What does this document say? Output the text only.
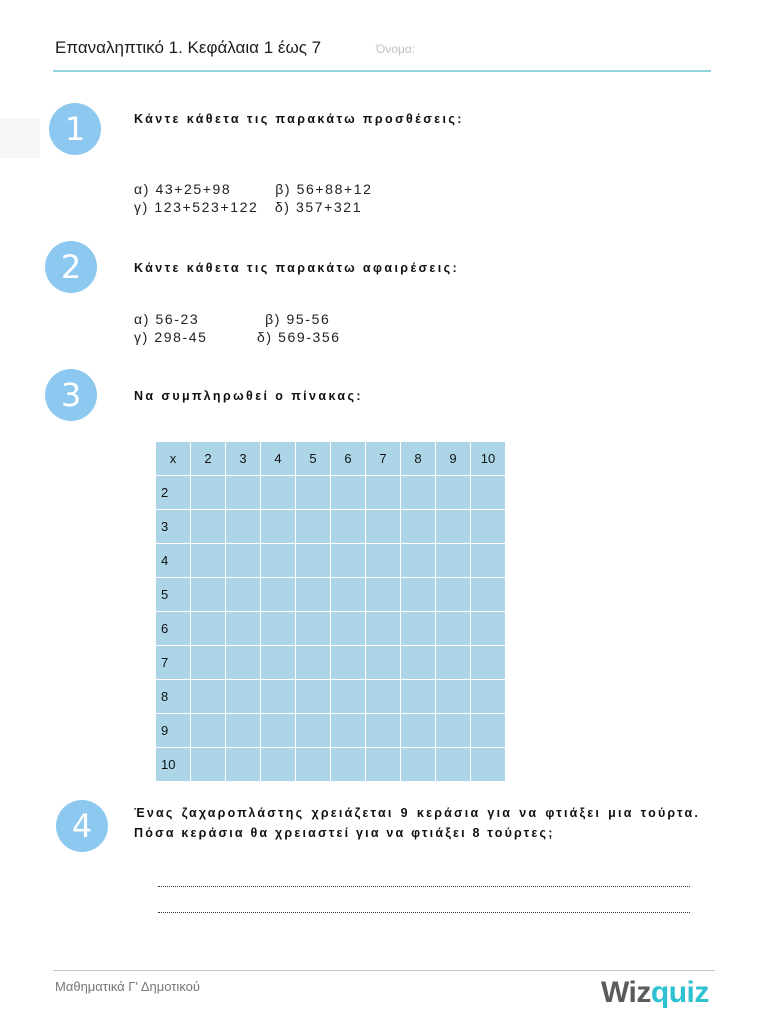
Επαναληπτικό 1. Κεφάλαια 1 έως 7	Όνομα:
1	Κάντε κάθετα τις παρακάτω προσθέσεις:
α) 43+25+98        β) 56+88+12
γ) 123+523+122   δ) 357+321
2	Κάντε κάθετα τις παρακάτω αφαιρέσεις:
α) 56-23            β) 95-56
γ) 298-45         δ) 569-356
3	Να συμπληρωθεί ο πίνακας:
x	2	3	4	5	6	7	8	9	10
2									
3									
4									
5									
6									
7									
8									
9									
10									
4	Ένας ζαχαροπλάστης χρειάζεται 9 κεράσια για να φτιάξει μια τούρτα. Πόσα κεράσια θα χρειαστεί για να φτιάξει 8 τούρτες;
Μαθηματικά Γ' Δημοτικού	Wizquiz
